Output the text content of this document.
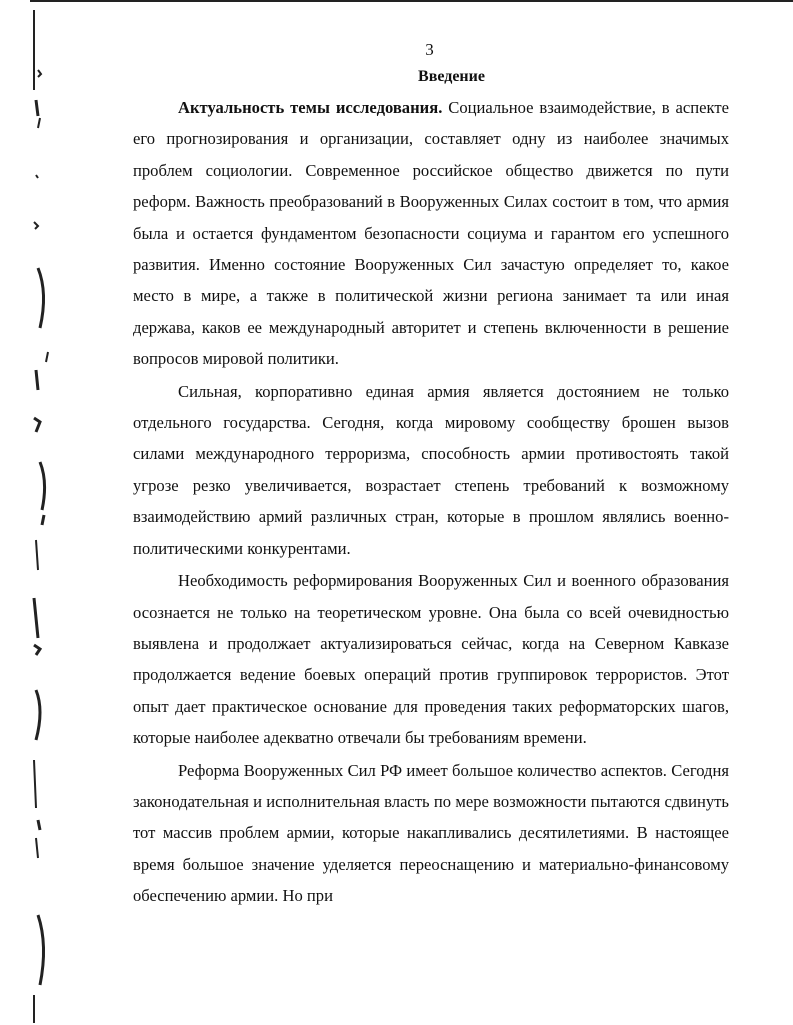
3
Введение

Актуальность темы исследования. Социальное взаимодействие, в аспекте его прогнозирования и организации, составляет одну из наиболее значимых проблем социологии. Современное российское общество движется по пути реформ. Важность преобразований в Вооруженных Силах состоит в том, что армия была и остается фундаментом безопасности социума и гарантом его успешного развития. Именно состояние Вооруженных Сил зачастую определяет то, какое место в мире, а также в политической жизни региона занимает та или иная держава, каков ее международный авторитет и степень включенности в решение вопросов мировой политики.

Сильная, корпоративно единая армия является достоянием не только отдельного государства. Сегодня, когда мировому сообществу брошен вызов силами международного терроризма, способность армии противостоять такой угрозе резко увеличивается, возрастает степень требований к возможному взаимодействию армий различных стран, которые в прошлом являлись военно-политическими конкурентами.

Необходимость реформирования Вооруженных Сил и военного образования осознается не только на теоретическом уровне. Она была со всей очевидностью выявлена и продолжает актуализироваться сейчас, когда на Северном Кавказе продолжается ведение боевых операций против группировок террористов. Этот опыт дает практическое основание для проведения таких реформаторских шагов, которые наиболее адекватно отвечали бы требованиям времени.

Реформа Вооруженных Сил РФ имеет большое количество аспектов. Сегодня законодательная и исполнительная власть по мере возможности пытаются сдвинуть тот массив проблем армии, которые накапливались десятилетиями. В настоящее время большое значение уделяется переоснащению и материально-финансовому обеспечению армии. Но при
